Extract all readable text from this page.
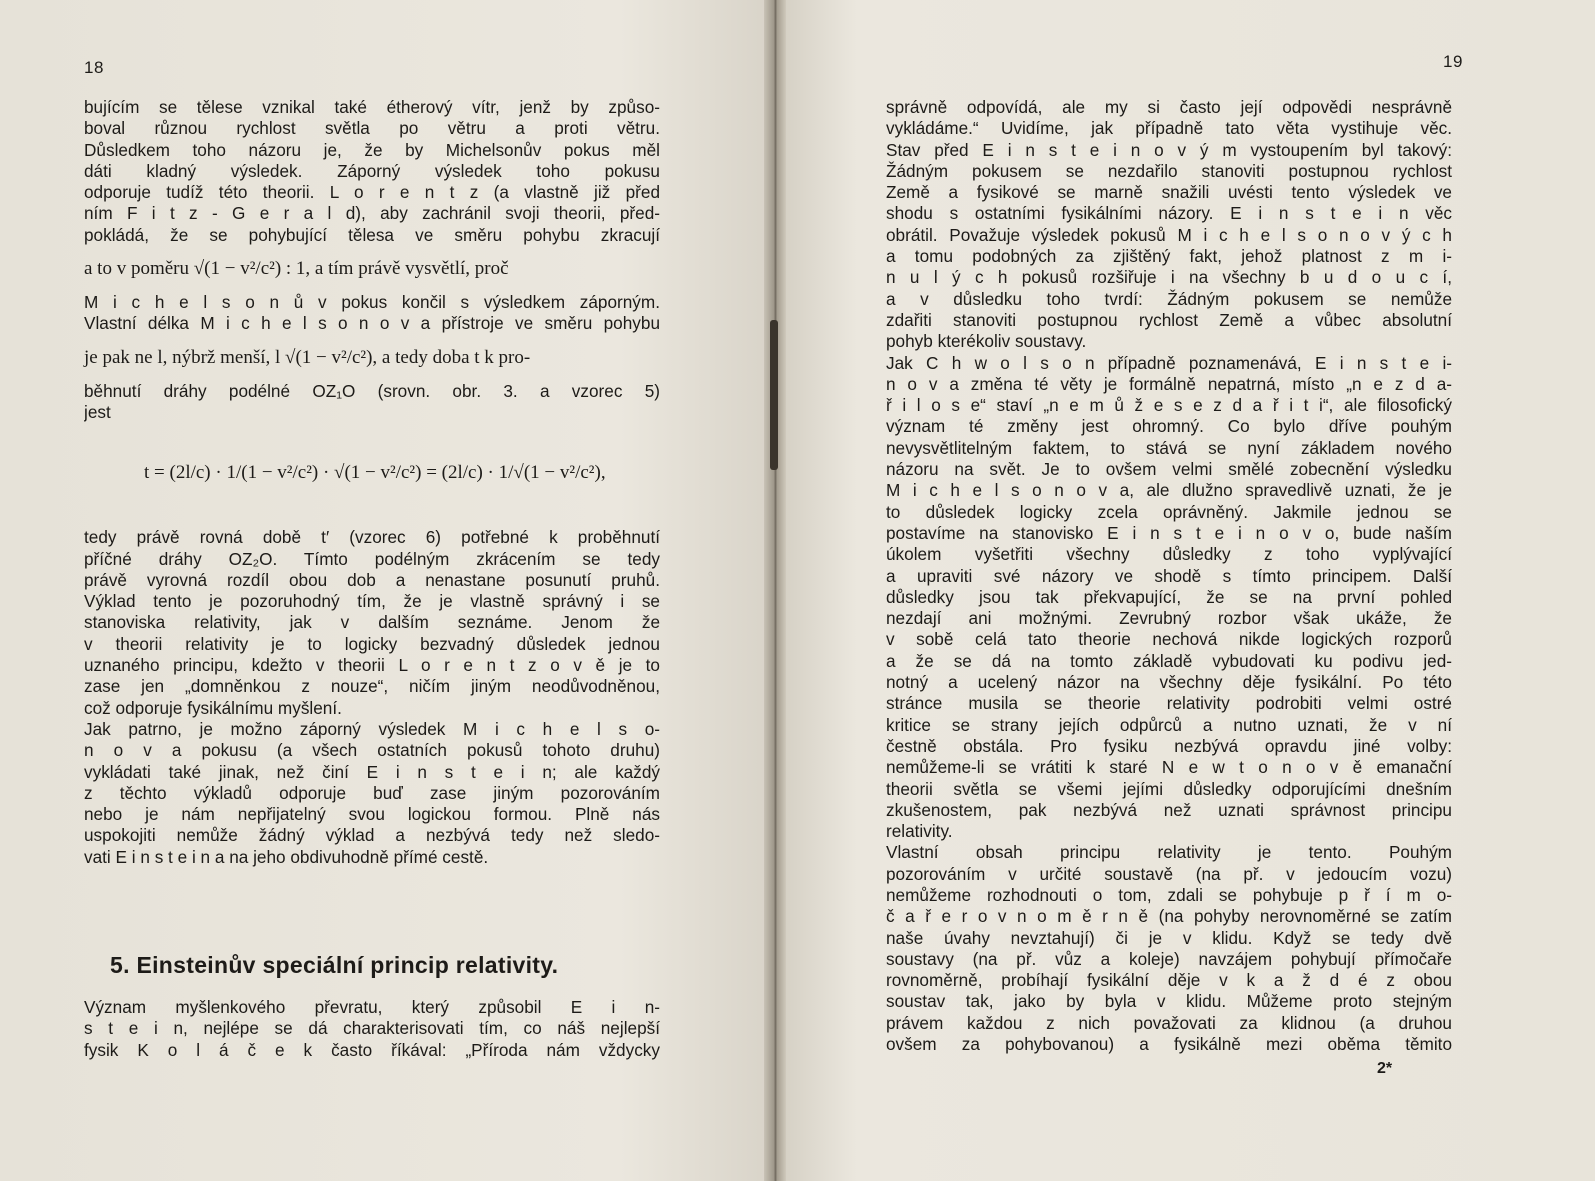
18	19
bujícím se tělese vznikal také étherový vítr, jenž by způso-
boval různou rychlost světla po větru a proti větru.
Důsledkem toho názoru je, že by Michelsonův pokus měl
dáti kladný výsledek. Záporný výsledek toho pokusu
odporuje tudíž této theorii. L o r e n t z (a vlastně již před
ním F i t z - G e r a l d), aby zachránil svoji theorii, před-
pokládá, že se pohybující tělesa ve směru pohybu zkracují
a to v poměru √(1 − v²/c²) : 1, a tím právě vysvětlí, proč
M i c h e l s o n ů v pokus končil s výsledkem záporným.
Vlastní délka M i c h e l s o n o v a přístroje ve směru pohybu
je pak ne l, nýbrž menší, l √(1 − v²/c²), a tedy doba t k pro-
běhnutí dráhy podélné OZ₁O (srovn. obr. 3. a vzorec 5)
jest
t = (2l/c) · 1/(1 − v²/c²) · √(1 − v²/c²) = (2l/c) · 1/√(1 − v²/c²),
tedy právě rovná době t′ (vzorec 6) potřebné k proběhnutí
příčné dráhy OZ₂O. Tímto podélným zkrácením se tedy
právě vyrovná rozdíl obou dob a nenastane posunutí pruhů.
Výklad tento je pozoruhodný tím, že je vlastně správný i se
stanoviska relativity, jak v dalším seznáme. Jenom že
v theorii relativity je to logicky bezvadný důsledek jednou
uznaného principu, kdežto v theorii L o r e n t z o v ě je to
zase jen „domněnkou z nouze“, ničím jiným neodůvodněnou,
což odporuje fysikálnímu myšlení.
Jak patrno, je možno záporný výsledek M i c h e l s o-
n o v a pokusu (a všech ostatních pokusů tohoto druhu)
vykládati také jinak, než činí E i n s t e i n; ale každý
z těchto výkladů odporuje buď zase jiným pozorováním
nebo je nám nepřijatelný svou logickou formou. Plně nás
uspokojiti nemůže žádný výklad a nezbývá tedy než sledo-
vati E i n s t e i n a na jeho obdivuhodně přímé cestě.
5. Einsteinův speciální princip relativity.
Význam myšlenkového převratu, který způsobil E i n-
s t e i n, nejlépe se dá charakterisovati tím, co náš nejlepší
fysik K o l á č e k často říkával: „Příroda nám vždycky
správně odpovídá, ale my si často její odpovědi nesprávně
vykládáme.“ Uvidíme, jak případně tato věta vystihuje věc.
Stav před E i n s t e i n o v ý m vystoupením byl takový:
Žádným pokusem se nezdařilo stanoviti postupnou rychlost
Země a fysikové se marně snažili uvésti tento výsledek ve
shodu s ostatními fysikálními názory. E i n s t e i n věc
obrátil. Považuje výsledek pokusů M i c h e l s o n o v ý c h
a tomu podobných za zjištěný fakt, jehož platnost z m i-
n u l ý c h pokusů rozšiřuje i na všechny b u d o u c í,
a v důsledku toho tvrdí: Žádným pokusem se nemůže
zdařiti stanoviti postupnou rychlost Země a vůbec absolutní
pohyb kterékoliv soustavy.
Jak C h w o l s o n případně poznamenává, E i n s t e i-
n o v a změna té věty je formálně nepatrná, místo „n e z d a-
ř i l o s e“ staví „n e m ů ž e s e z d a ř i t i“, ale filosofický
význam té změny jest ohromný. Co bylo dříve pouhým
nevysvětlitelným faktem, to stává se nyní základem nového
názoru na svět. Je to ovšem velmi smělé zobecnění výsledku
M i c h e l s o n o v a, ale dlužno spravedlivě uznati, že je
to důsledek logicky zcela oprávněný. Jakmile jednou se
postavíme na stanovisko E i n s t e i n o v o, bude naším
úkolem vyšetřiti všechny důsledky z toho vyplývající
a upraviti své názory ve shodě s tímto principem. Další
důsledky jsou tak překvapující, že se na první pohled
nezdají ani možnými. Zevrubný rozbor však ukáže, že
v sobě celá tato theorie nechová nikde logických rozporů
a že se dá na tomto základě vybudovati ku podivu jed-
notný a ucelený názor na všechny děje fysikální. Po této
stránce musila se theorie relativity podrobiti velmi ostré
kritice se strany jejích odpůrců a nutno uznati, že v ní
čestně obstála. Pro fysiku nezbývá opravdu jiné volby:
nemůžeme-li se vrátiti k staré N e w t o n o v ě emanační
theorii světla se všemi jejími důsledky odporujícími dnešním
zkušenostem, pak nezbývá než uznati správnost principu
relativity.
Vlastní obsah principu relativity je tento. Pouhým
pozorováním v určité soustavě (na př. v jedoucím vozu)
nemůžeme rozhodnouti o tom, zdali se pohybuje p ř í m o-
č a ř e r o v n o m ě r n ě (na pohyby nerovnoměrné se zatím
naše úvahy nevztahují) či je v klidu. Když se tedy dvě
soustavy (na př. vůz a koleje) navzájem pohybují přímočaře
rovnoměrně, probíhají fysikální děje v k a ž d é z obou
soustav tak, jako by byla v klidu. Můžeme proto stejným
právem každou z nich považovati za klidnou (a druhou
ovšem za pohybovanou) a fysikálně mezi oběma těmito
2*
